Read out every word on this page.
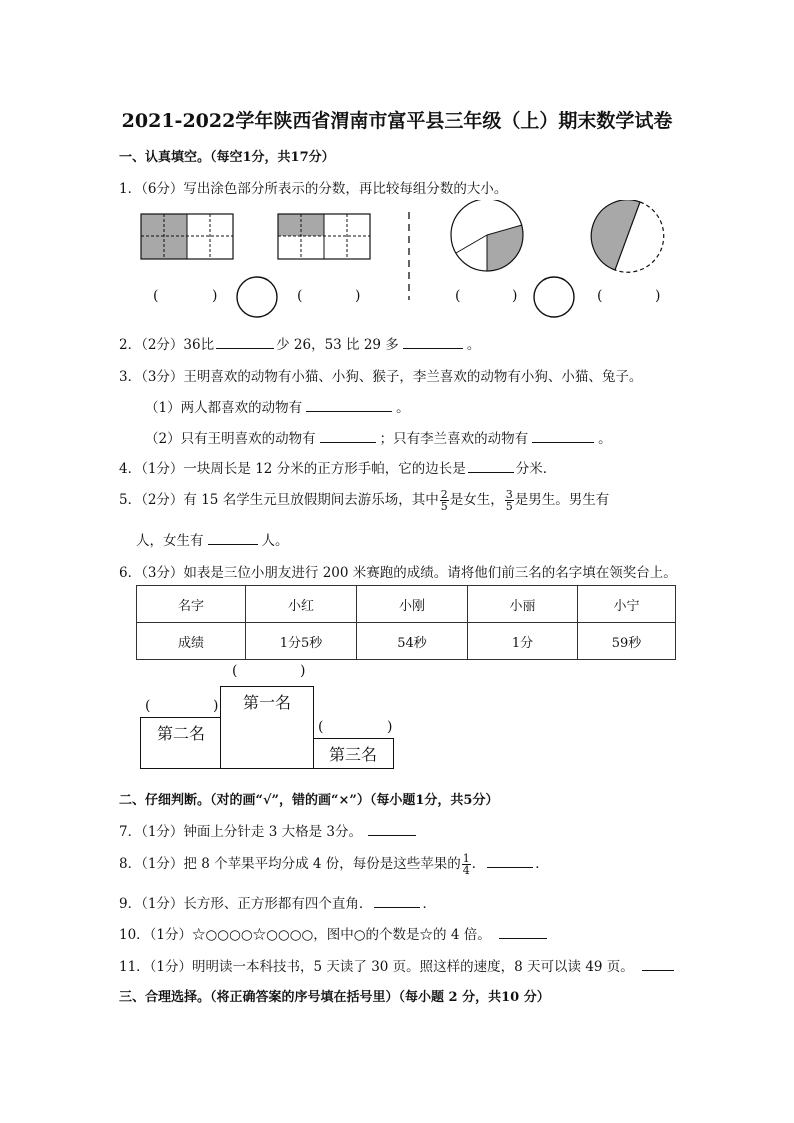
2021-2022学年陕西省渭南市富平县三年级（上）期末数学试卷
一、认真填空。（每空1分，共17分）
1．（6分）写出涂色部分所表示的分数，再比较每组分数的大小。
(	)	(	)	(	)	(	)
2．（2分）36比	少 26，53 比 29 多	。
3．（3分）王明喜欢的动物有小猫、小狗、猴子，李兰喜欢的动物有小狗、小猫、兔子。
（1）两人都喜欢的动物有	。
（2）只有王明喜欢的动物有	；只有李兰喜欢的动物有	。
4．（1分）一块周长是 12 分米的正方形手帕，它的边长是	分米．
5．（2分）有 15 名学生元旦放假期间去游乐场，其中 $\frac{2}{5}$ 是女生， $\frac{3}{5}$ 是男生。男生有
人，女生有	人。
6．（3分）如表是三位小朋友进行 200 米赛跑的成绩。请将他们前三名的名字填在领奖台上。
名字	小红	小刚	小丽	小宁
成绩	1分5秒	54秒	1分	59秒
(	)
(	)
(	)
第二名
第一名
第三名
二、仔细判断。（对的画“√”，错的画“×”）（每小题1分，共5分）
7．（1分）钟面上分针走 3 大格是 3分。
8．（1分）把 8 个苹果平均分成 4 份，每份是这些苹果的 $\frac{1}{4}$ ．	．
9．（1分）长方形、正方形都有四个直角．	．
10．（1分）☆○○○○☆○○○○，图中○的个数是☆的 4 倍。
11．（1分）明明读一本科技书，5 天读了 30 页。照这样的速度，8 天可以读 49 页。
三、合理选择。（将正确答案的序号填在括号里）（每小题 2 分，共10 分）
